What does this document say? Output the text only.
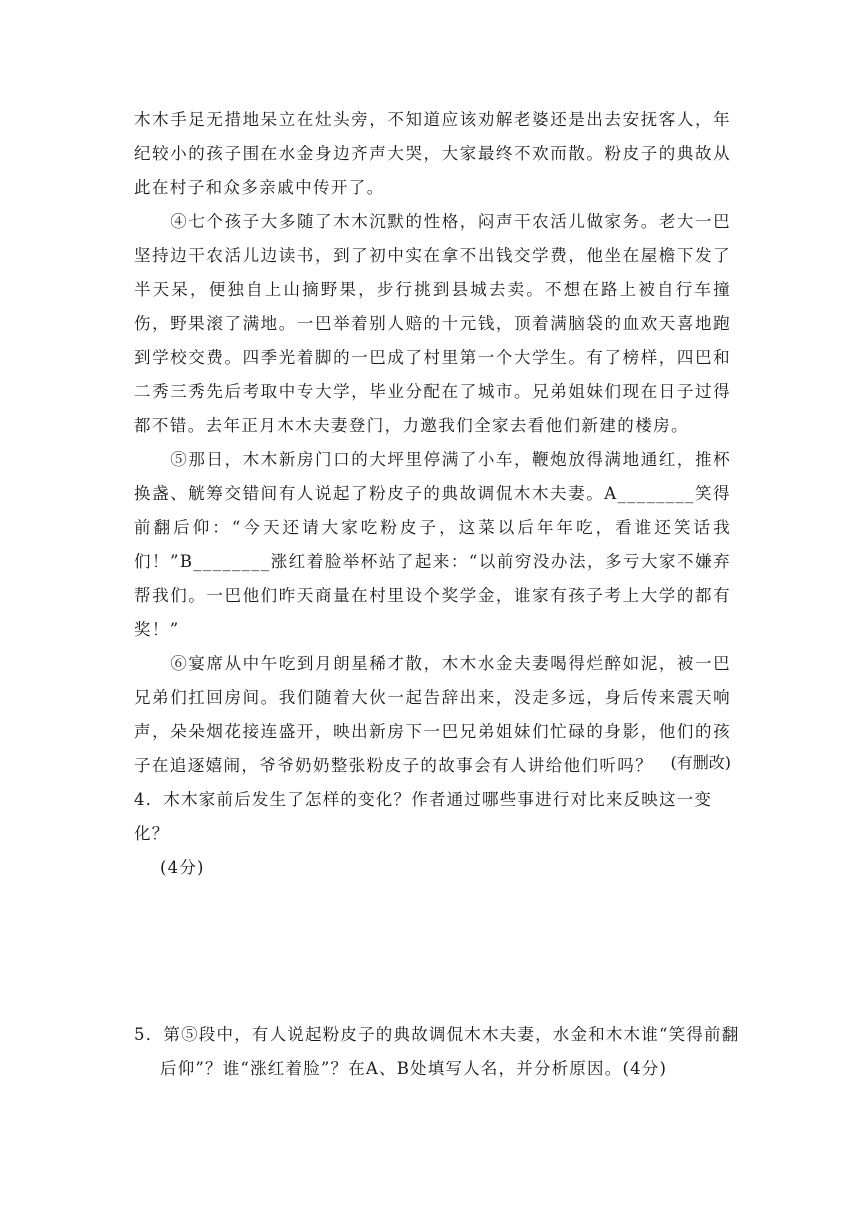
木木手足无措地呆立在灶头旁，不知道应该劝解老婆还是出去安抚客人，年纪较小的孩子围在水金身边齐声大哭，大家最终不欢而散。粉皮子的典故从此在村子和众多亲戚中传开了。

④七个孩子大多随了木木沉默的性格，闷声干农活儿做家务。老大一巴坚持边干农活儿边读书，到了初中实在拿不出钱交学费，他坐在屋檐下发了半天呆，便独自上山摘野果，步行挑到县城去卖。不想在路上被自行车撞伤，野果滚了满地。一巴举着别人赔的十元钱，顶着满脑袋的血欢天喜地跑到学校交费。四季光着脚的一巴成了村里第一个大学生。有了榜样，四巴和二秀三秀先后考取中专大学，毕业分配在了城市。兄弟姐妹们现在日子过得都不错。去年正月木木夫妻登门，力邀我们全家去看他们新建的楼房。

⑤那日，木木新房门口的大坪里停满了小车，鞭炮放得满地通红，推杯换盏、觥筹交错间有人说起了粉皮子的典故调侃木木夫妻。A________笑得前翻后仰：“今天还请大家吃粉皮子，这菜以后年年吃，看谁还笑话我们！”B________涨红着脸举杯站了起来：“以前穷没办法，多亏大家不嫌弃帮我们。一巴他们昨天商量在村里设个奖学金，谁家有孩子考上大学的都有奖！”

⑥宴席从中午吃到月朗星稀才散，木木水金夫妻喝得烂醉如泥，被一巴兄弟们扛回房间。我们随着大伙一起告辞出来，没走多远，身后传来震天响声，朵朵烟花接连盛开，映出新房下一巴兄弟姐妹们忙碌的身影，他们的孩子在追逐嬉闹，爷爷奶奶整张粉皮子的故事会有人讲给他们听吗？	(有删改)
4．木木家前后发生了怎样的变化？作者通过哪些事进行对比来反映这一变化？
(4分)
5．第⑤段中，有人说起粉皮子的典故调侃木木夫妻，水金和木木谁“笑得前翻
后仰”？谁“涨红着脸”？在A、B处填写人名，并分析原因。(4分)
